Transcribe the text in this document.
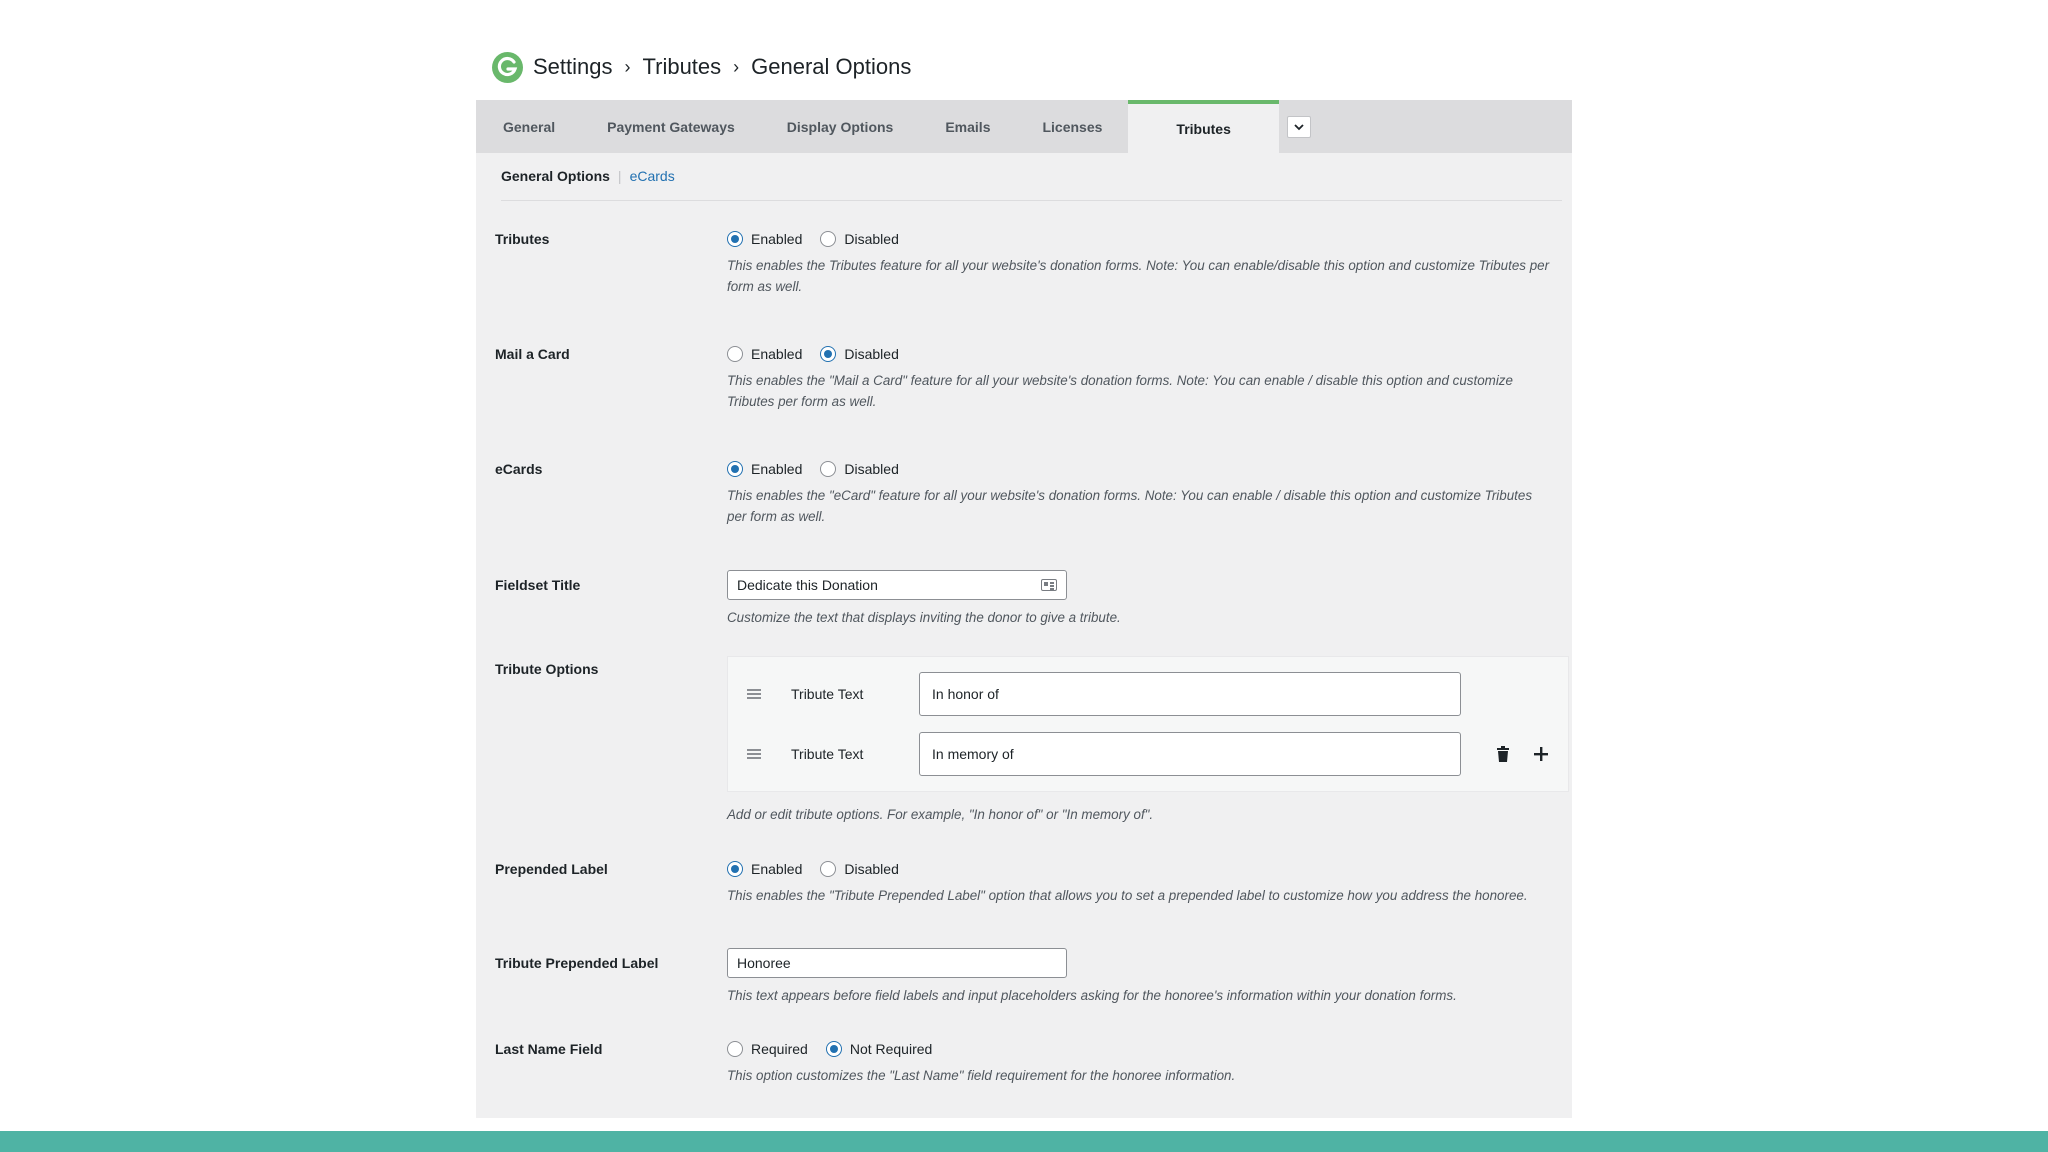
Settings › Tributes › General Options
General	Payment Gateways	Display Options	Emails	Licenses	Tributes
General Options | eCards
Tributes	Enabled	Disabled
This enables the Tributes feature for all your website's donation forms. Note: You can enable/disable this option and customize Tributes per form as well.
Mail a Card	Enabled	Disabled
This enables the "Mail a Card" feature for all your website's donation forms. Note: You can enable / disable this option and customize Tributes per form as well.
eCards	Enabled	Disabled
This enables the "eCard" feature for all your website's donation forms. Note: You can enable / disable this option and customize Tributes per form as well.
Fieldset Title	Dedicate this Donation
Customize the text that displays inviting the donor to give a tribute.
Tribute Options
Tribute Text	In honor of
Tribute Text	In memory of
Add or edit tribute options. For example, "In honor of" or "In memory of".
Prepended Label	Enabled	Disabled
This enables the "Tribute Prepended Label" option that allows you to set a prepended label to customize how you address the honoree.
Tribute Prepended Label	Honoree
This text appears before field labels and input placeholders asking for the honoree's information within your donation forms.
Last Name Field	Required	Not Required
This option customizes the "Last Name" field requirement for the honoree information.
